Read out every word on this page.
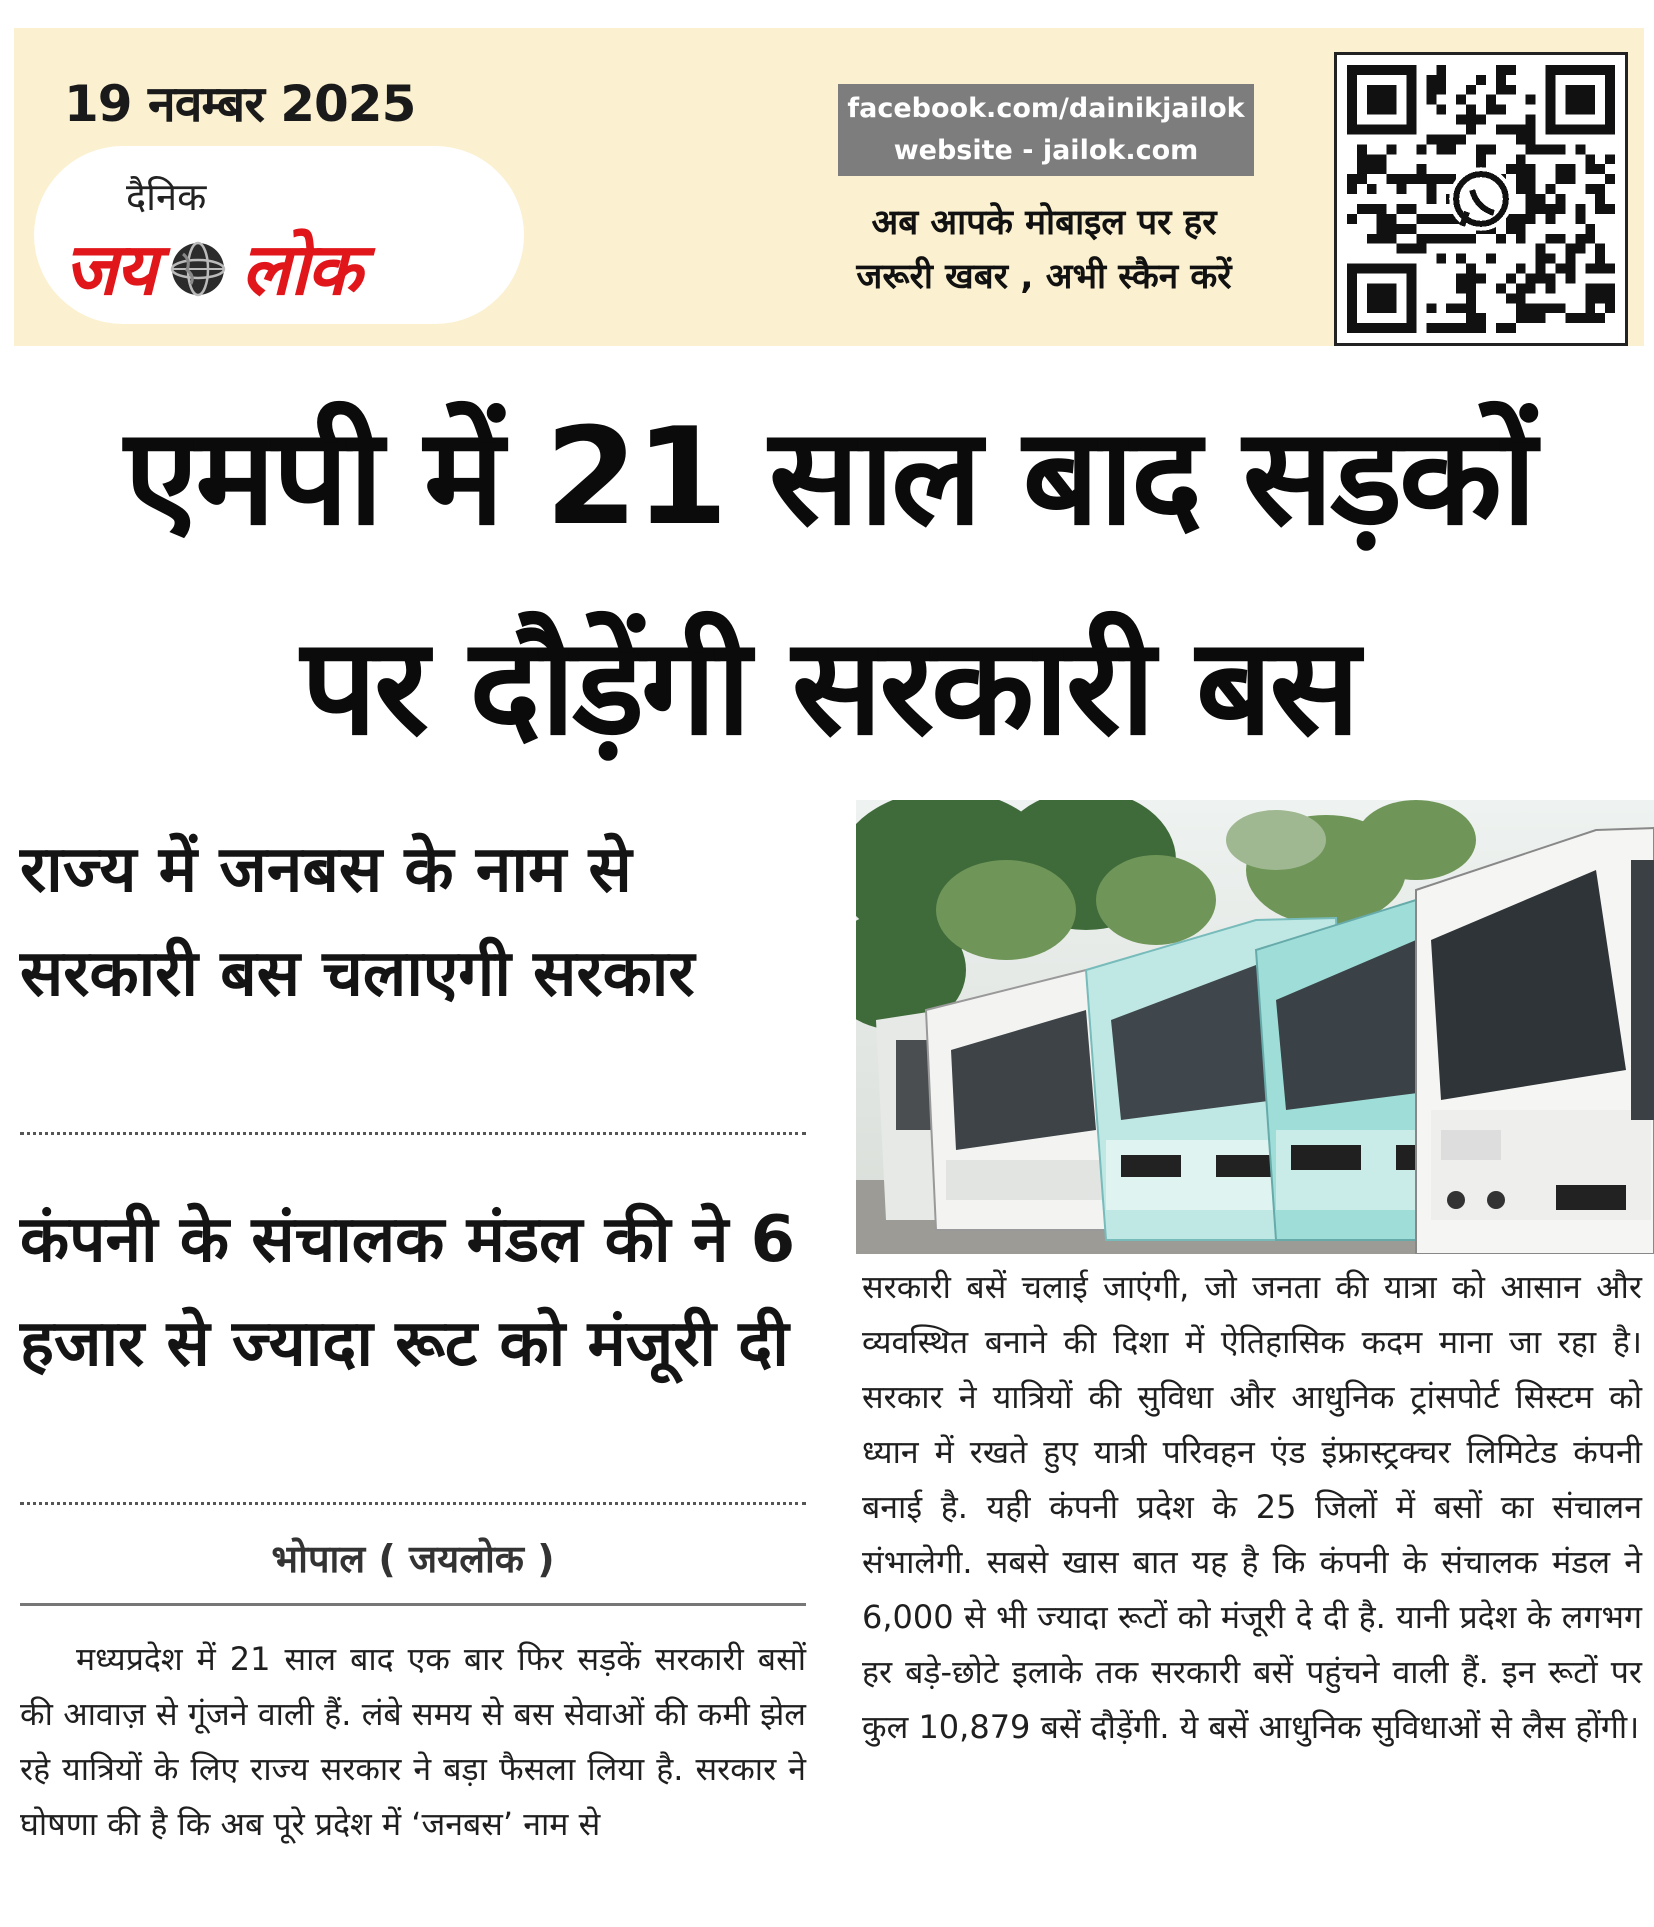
19 नवम्बर 2025
दैनिक
जय लोक
facebook.com/dainikjailok
website - jailok.com
अब आपके मोबाइल पर हर
जरूरी खबर , अभी स्कैन करें
एमपी में 21 साल बाद सड़कों
पर दौड़ेंगी सरकारी बस
राज्य में जनबस के नाम से सरकारी बस चलाएगी सरकार
कंपनी के संचालक मंडल की ने 6 हजार से ज्यादा रूट को मंजूरी दी
भोपाल ( जयलोक )
मध्यप्रदेश में 21 साल बाद एक बार फिर सड़कें सरकारी बसों की आवाज़ से गूंजने वाली हैं. लंबे समय से बस सेवाओं की कमी झेल रहे यात्रियों के लिए राज्य सरकार ने बड़ा फैसला लिया है. सरकार ने घोषणा की है कि अब पूरे प्रदेश में ‘जनबस’ नाम से
सरकारी बसें चलाई जाएंगी, जो जनता की यात्रा को आसान और व्यवस्थित बनाने की दिशा में ऐतिहासिक कदम माना जा रहा है। सरकार ने यात्रियों की सुविधा और आधुनिक ट्रांसपोर्ट सिस्टम को ध्यान में रखते हुए यात्री परिवहन एंड इंफ्रास्ट्रक्चर लिमिटेड कंपनी बनाई है. यही कंपनी प्रदेश के 25 जिलों में बसों का संचालन संभालेगी. सबसे खास बात यह है कि कंपनी के संचालक मंडल ने 6,000 से भी ज्यादा रूटों को मंजूरी दे दी है. यानी प्रदेश के लगभग हर बड़े-छोटे इलाके तक सरकारी बसें पहुंचने वाली हैं. इन रूटों पर कुल 10,879 बसें दौड़ेंगी. ये बसें आधुनिक सुविधाओं से लैस होंगी।
